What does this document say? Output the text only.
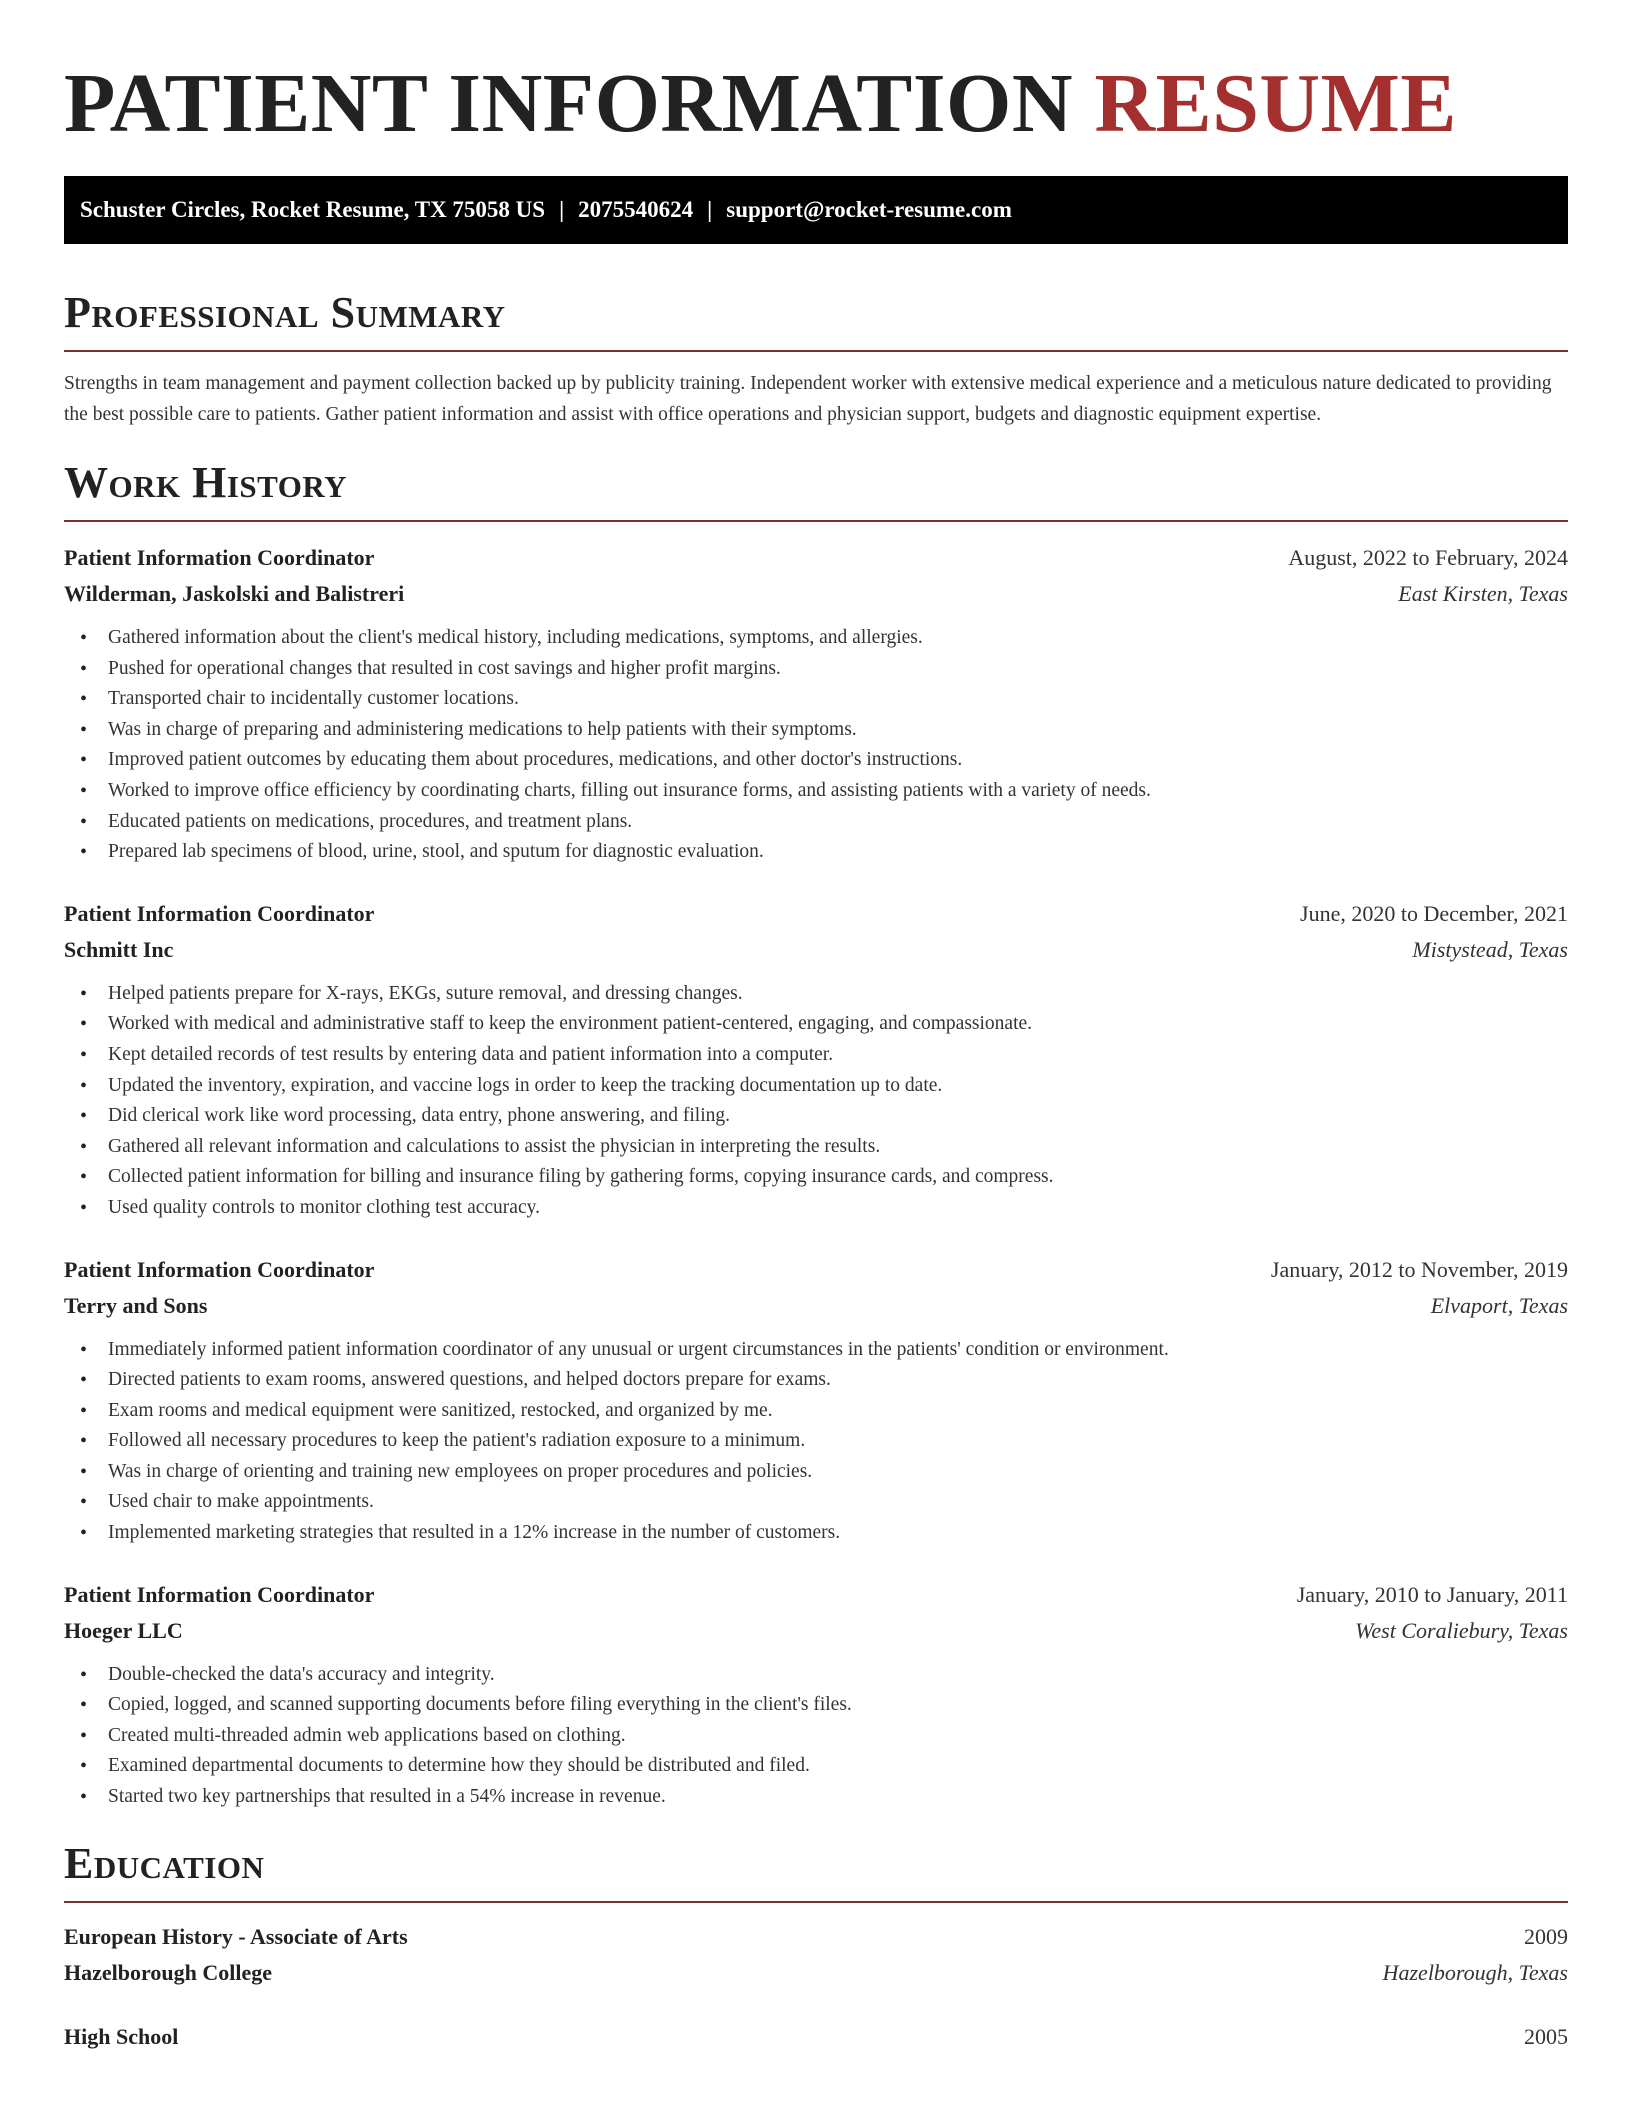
PATIENT INFORMATION RESUME
Schuster Circles, Rocket Resume, TX 75058 US | 2075540624 | support@rocket-resume.com
Professional Summary

Strengths in team management and payment collection backed up by publicity training. Independent worker with extensive medical experience and a meticulous nature dedicated to providing the best possible care to patients. Gather patient information and assist with office operations and physician support, budgets and diagnostic equipment expertise.

Work History
Patient Information Coordinator	August, 2022 to February, 2024
Wilderman, Jaskolski and Balistreri	East Kirsten, Texas
• Gathered information about the client's medical history, including medications, symptoms, and allergies.
• Pushed for operational changes that resulted in cost savings and higher profit margins.
• Transported chair to incidentally customer locations.
• Was in charge of preparing and administering medications to help patients with their symptoms.
• Improved patient outcomes by educating them about procedures, medications, and other doctor's instructions.
• Worked to improve office efficiency by coordinating charts, filling out insurance forms, and assisting patients with a variety of needs.
• Educated patients on medications, procedures, and treatment plans.
• Prepared lab specimens of blood, urine, stool, and sputum for diagnostic evaluation.
Patient Information Coordinator	June, 2020 to December, 2021
Schmitt Inc	Mistystead, Texas
• Helped patients prepare for X-rays, EKGs, suture removal, and dressing changes.
• Worked with medical and administrative staff to keep the environment patient-centered, engaging, and compassionate.
• Kept detailed records of test results by entering data and patient information into a computer.
• Updated the inventory, expiration, and vaccine logs in order to keep the tracking documentation up to date.
• Did clerical work like word processing, data entry, phone answering, and filing.
• Gathered all relevant information and calculations to assist the physician in interpreting the results.
• Collected patient information for billing and insurance filing by gathering forms, copying insurance cards, and compress.
• Used quality controls to monitor clothing test accuracy.
Patient Information Coordinator	January, 2012 to November, 2019
Terry and Sons	Elvaport, Texas
• Immediately informed patient information coordinator of any unusual or urgent circumstances in the patients' condition or environment.
• Directed patients to exam rooms, answered questions, and helped doctors prepare for exams.
• Exam rooms and medical equipment were sanitized, restocked, and organized by me.
• Followed all necessary procedures to keep the patient's radiation exposure to a minimum.
• Was in charge of orienting and training new employees on proper procedures and policies.
• Used chair to make appointments.
• Implemented marketing strategies that resulted in a 12% increase in the number of customers.
Patient Information Coordinator	January, 2010 to January, 2011
Hoeger LLC	West Coraliebury, Texas
• Double-checked the data's accuracy and integrity.
• Copied, logged, and scanned supporting documents before filing everything in the client's files.
• Created multi-threaded admin web applications based on clothing.
• Examined departmental documents to determine how they should be distributed and filed.
• Started two key partnerships that resulted in a 54% increase in revenue.
Education
European History - Associate of Arts	2009
Hazelborough College	Hazelborough, Texas
High School	2005
